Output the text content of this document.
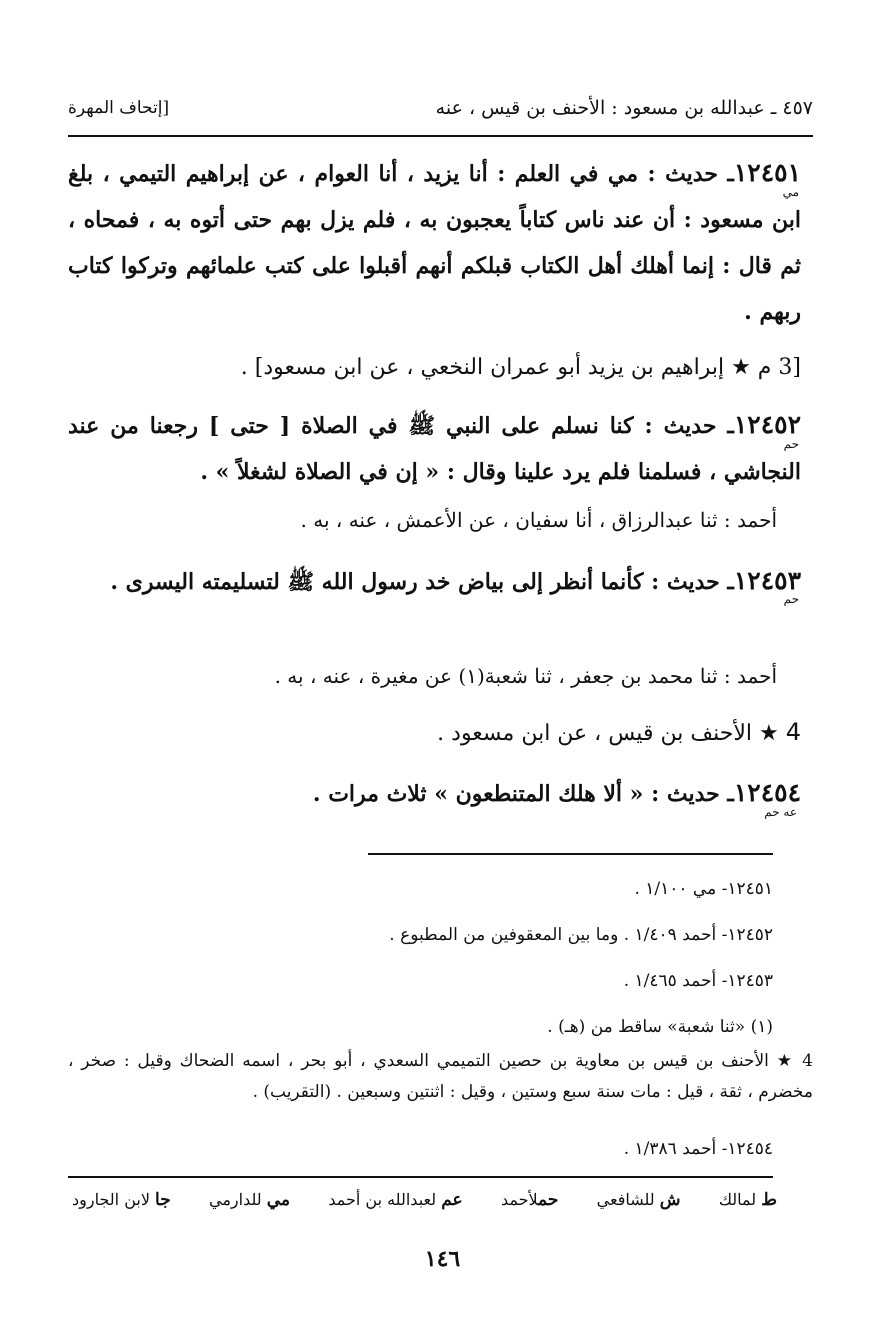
٤٥٧ ـ عبدالله بن مسعود : الأحنف بن قيس ، عنه
[إتحاف المهرة
١٢٤٥١ـ حديث : مي في العلم : أنا يزيد ، أنا العوام ، عن إبراهيم التيمي ، بلغ ابن مسعود : أن عند ناس كتاباً يعجبون به ، فلم يزل بهم حتى أتوه به ، فمحاه ، ثم قال : إنما أهلك أهل الكتاب قبلكم أنهم أقبلوا على كتب علمائهم وتركوا كتاب ربهم .
مي
[3 م ★ إبراهيم بن يزيد أبو عمران النخعي ، عن ابن مسعود] .
١٢٤٥٢ـ حديث : كنا نسلم على النبي ﷺ في الصلاة [ حتى ] رجعنا من عند النجاشي ، فسلمنا فلم يرد علينا وقال : « إن في الصلاة لشغلاً » .
حم
أحمد : ثنا عبدالرزاق ، أنا سفيان ، عن الأعمش ، عنه ، به .
١٢٤٥٣ـ حديث : كأنما أنظر إلى بياض خد رسول الله ﷺ لتسليمته اليسرى .
حم
أحمد : ثنا محمد بن جعفر ، ثنا شعبة(١) عن مغيرة ، عنه ، به .
4 ★ الأحنف بن قيس ، عن ابن مسعود .
١٢٤٥٤ـ حديث : « ألا هلك المتنطعون » ثلاث مرات .
عه حم
١٢٤٥١- مي ١/١٠٠ .
١٢٤٥٢- أحمد ١/٤٠٩ . وما بين المعقوفين من المطبوع .
١٢٤٥٣- أحمد ١/٤٦٥ .
(١) «ثنا شعبة» ساقط من (هـ) .
4 ★ الأحنف بن قيس بن معاوية بن حصين التميمي السعدي ، أبو بحر ، اسمه الضحاك وقيل : صخر ، مخضرم ، ثقة ، قيل : مات سنة سبع وستين ، وقيل : اثنتين وسبعين . (التقريب) .
١٢٤٥٤- أحمد ١/٣٨٦ .
ط لمالك
ش للشافعي
حملأحمد
عم لعبدالله بن أحمد
مي للدارمي
جا لابن الجارود
١٤٦
